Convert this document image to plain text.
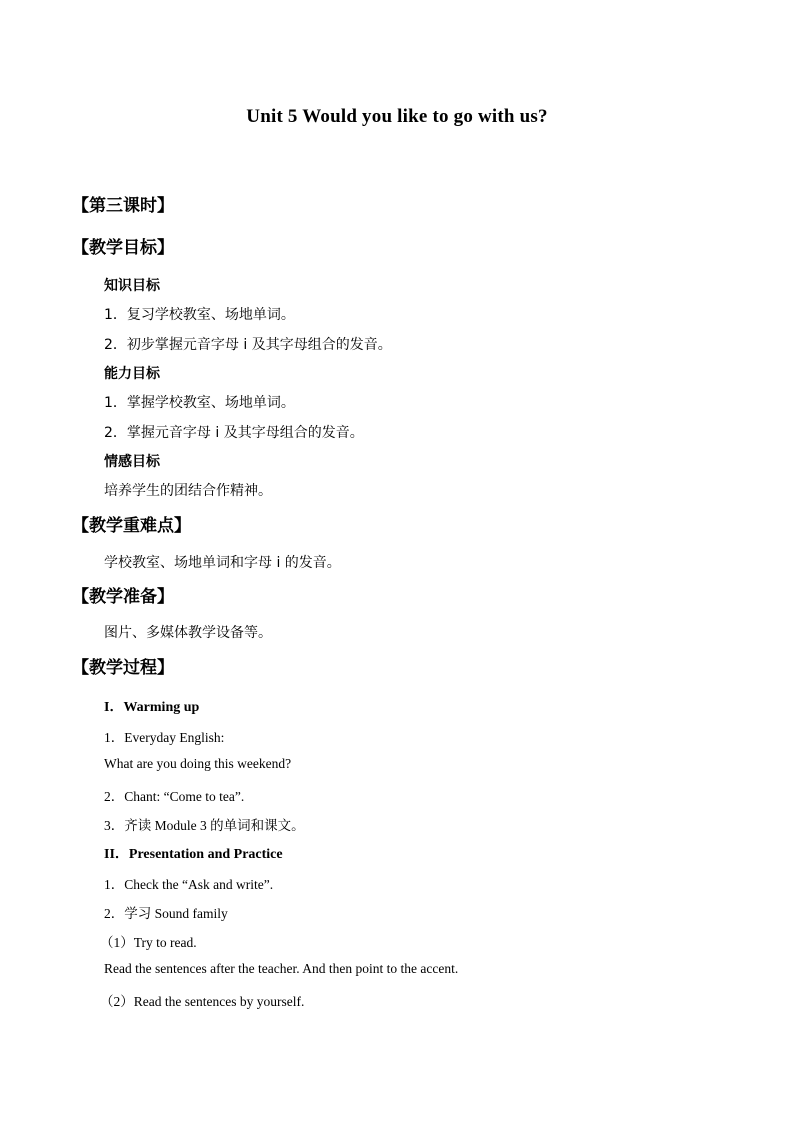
Unit 5 Would you like to go with us?
【第三课时】
【教学目标】
知识目标
1．复习学校教室、场地单词。
2．初步掌握元音字母 i 及其字母组合的发音。
能力目标
1．掌握学校教室、场地单词。
2．掌握元音字母 i 及其字母组合的发音。
情感目标
培养学生的团结合作精神。
【教学重难点】
学校教室、场地单词和字母 i 的发音。
【教学准备】
图片、多媒体教学设备等。
【教学过程】
I．Warming up
1．Everyday English:
What are you doing this weekend?
2．Chant: “Come to tea”.
3．齐读 Module 3 的单词和课文。
II．Presentation and Practice
1．Check the “Ask and write”.
2．学习 Sound family
（1）Try to read.
Read the sentences after the teacher. And then point to the accent.
（2）Read the sentences by yourself.
